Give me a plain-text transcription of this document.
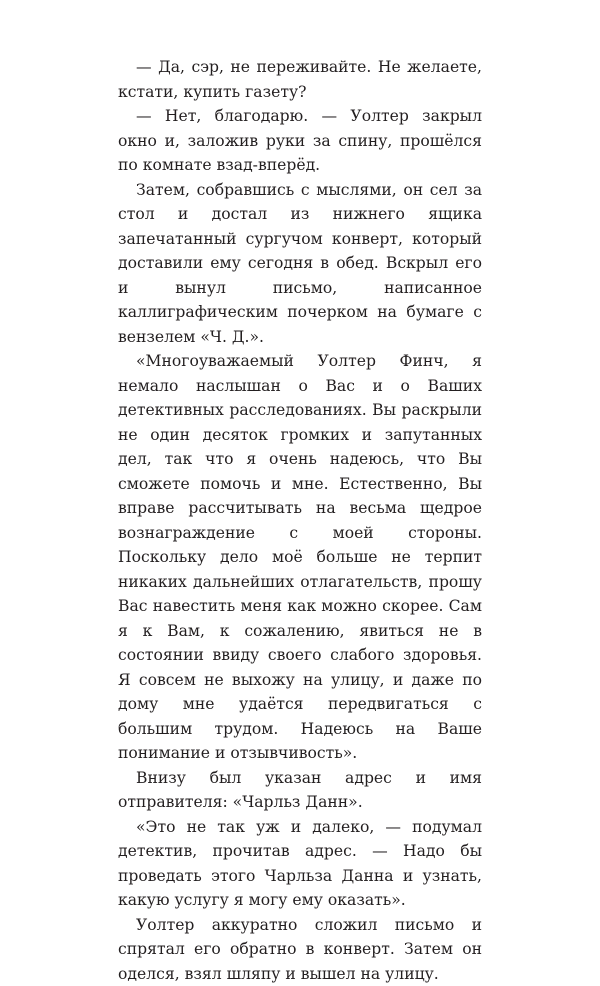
— Да, сэр, не переживайте. Не желаете, кстати, купить газету?

— Нет, благодарю. — Уолтер закрыл окно и, заложив руки за спину, прошёлся по комнате взад-вперёд.

Затем, собравшись с мыслями, он сел за стол и достал из нижнего ящика запечатанный сургучом конверт, который доставили ему сегодня в обед. Вскрыл его и вынул письмо, написанное каллиграфическим почерком на бумаге с вензелем «Ч. Д.».

«Многоуважаемый Уолтер Финч, я немало наслышан о Вас и о Ваших детективных расследованиях. Вы раскрыли не один десяток громких и запутанных дел, так что я очень надеюсь, что Вы сможете помочь и мне. Естественно, Вы вправе рассчитывать на весьма щедрое вознаграждение с моей стороны. Поскольку дело моё больше не терпит никаких дальнейших отлагательств, прошу Вас навестить меня как можно скорее. Сам я к Вам, к сожалению, явиться не в состоянии ввиду своего слабого здоровья. Я совсем не выхожу на улицу, и даже по дому мне удаётся передвигаться с большим трудом. Надеюсь на Ваше понимание и отзывчивость».

Внизу был указан адрес и имя отправителя: «Чарльз Данн».

«Это не так уж и далеко, — подумал детектив, прочитав адрес. — Надо бы проведать этого Чарльза Данна и узнать, какую услугу я могу ему оказать».

Уолтер аккуратно сложил письмо и спрятал его обратно в конверт. Затем он оделся, взял шляпу и вышел на улицу.
